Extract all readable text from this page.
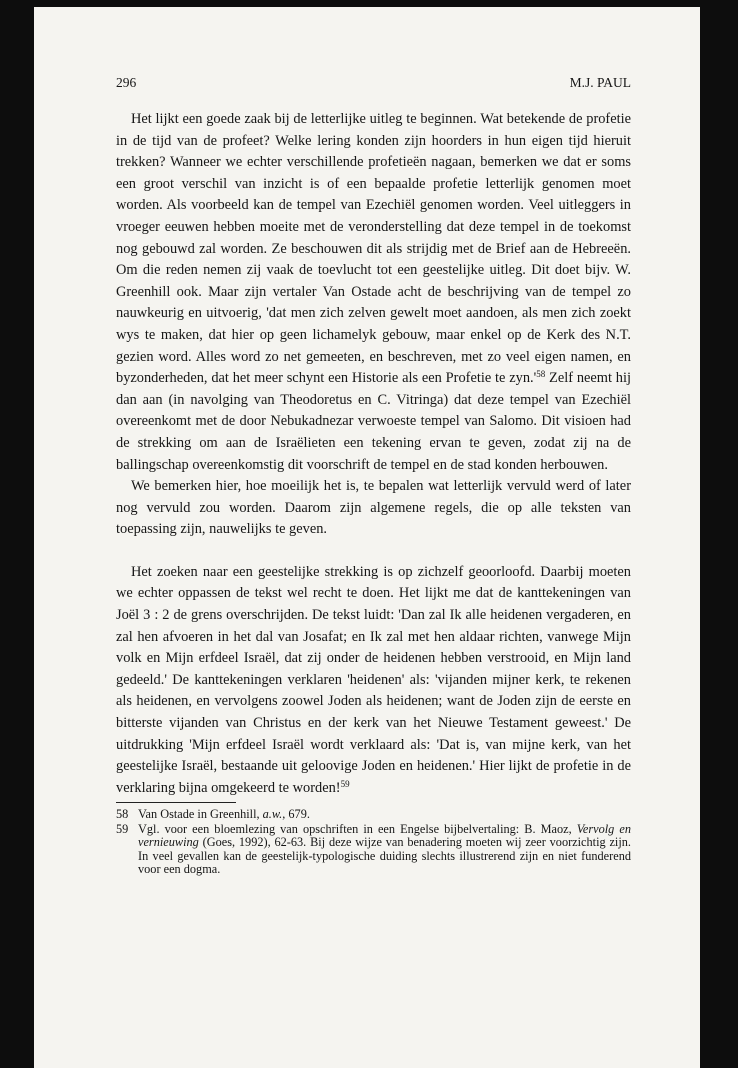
296	M.J. PAUL

Het lijkt een goede zaak bij de letterlijke uitleg te beginnen. Wat betekende de profetie in de tijd van de profeet? Welke lering konden zijn hoorders in hun eigen tijd hieruit trekken? Wanneer we echter verschillende profetieën nagaan, bemerken we dat er soms een groot verschil van inzicht is of een bepaalde profetie letterlijk genomen moet worden. Als voorbeeld kan de tempel van Ezechiël genomen worden. Veel uitleggers in vroeger eeuwen hebben moeite met de veronderstelling dat deze tempel in de toekomst nog gebouwd zal worden. Ze beschouwen dit als strijdig met de Brief aan de Hebreeën. Om die reden nemen zij vaak de toevlucht tot een geestelijke uitleg. Dit doet bijv. W. Greenhill ook. Maar zijn vertaler Van Ostade acht de beschrijving van de tempel zo nauwkeurig en uitvoerig, 'dat men zich zelven gewelt moet aandoen, als men zich zoekt wys te maken, dat hier op geen lichamelyk gebouw, maar enkel op de Kerk des N.T. gezien word. Alles word zo net gemeeten, en beschreven, met zo veel eigen namen, en byzonderheden, dat het meer schynt een Historie als een Profetie te $zyn.'^{58}$ Zelf neemt hij dan aan (in navolging van Theodoretus en C. Vitringa) dat deze tempel van Ezechiël overeenkomt met de door Nebukadnezar verwoeste tempel van Salomo. Dit visioen had de strekking om aan de Israëlieten een tekening ervan te geven, zodat zij na de ballingschap overeenkomstig dit voorschrift de tempel en de stad konden herbouwen.

We bemerken hier, hoe moeilijk het is, te bepalen wat letterlijk vervuld werd of later nog vervuld zou worden. Daarom zijn algemene regels, die op alle teksten van toepassing zijn, nauwelijks te geven.

Het zoeken naar een geestelijke strekking is op zichzelf geoorloofd. Daarbij moeten we echter oppassen de tekst wel recht te doen. Het lijkt me dat de kanttekeningen van Joël 3 : 2 de grens overschrijden. De tekst luidt: 'Dan zal Ik alle heidenen vergaderen, en zal hen afvoeren in het dal van Josafat; en Ik zal met hen aldaar richten, vanwege Mijn volk en Mijn erfdeel Israël, dat zij onder de heidenen hebben verstrooid, en Mijn land gedeeld.' De kanttekeningen verklaren 'heidenen' als: 'vijanden mijner kerk, te rekenen als heidenen, en vervolgens zoowel Joden als heidenen; want de Joden zijn de eerste en bitterste vijanden van Christus en der kerk van het Nieuwe Testament geweest.' De uitdrukking 'Mijn erfdeel Israël wordt verklaard als: 'Dat is, van mijne kerk, van het geestelijke Israël, bestaande uit geloovige Joden en heidenen.' Hier lijkt de profetie in de verklaring bijna omgekeerd te worden!$^{59}$

58 Van Ostade in Greenhill, a.w., 679.
59 Vgl. voor een bloemlezing van opschriften in een Engelse bijbelvertaling: B. Maoz, Vervolg en vernieuwing (Goes, 1992), 62-63. Bij deze wijze van benadering moeten wij zeer voorzichtig zijn. In veel gevallen kan de geestelijk-typologische duiding slechts illustrerend zijn en niet funderend voor een dogma.
